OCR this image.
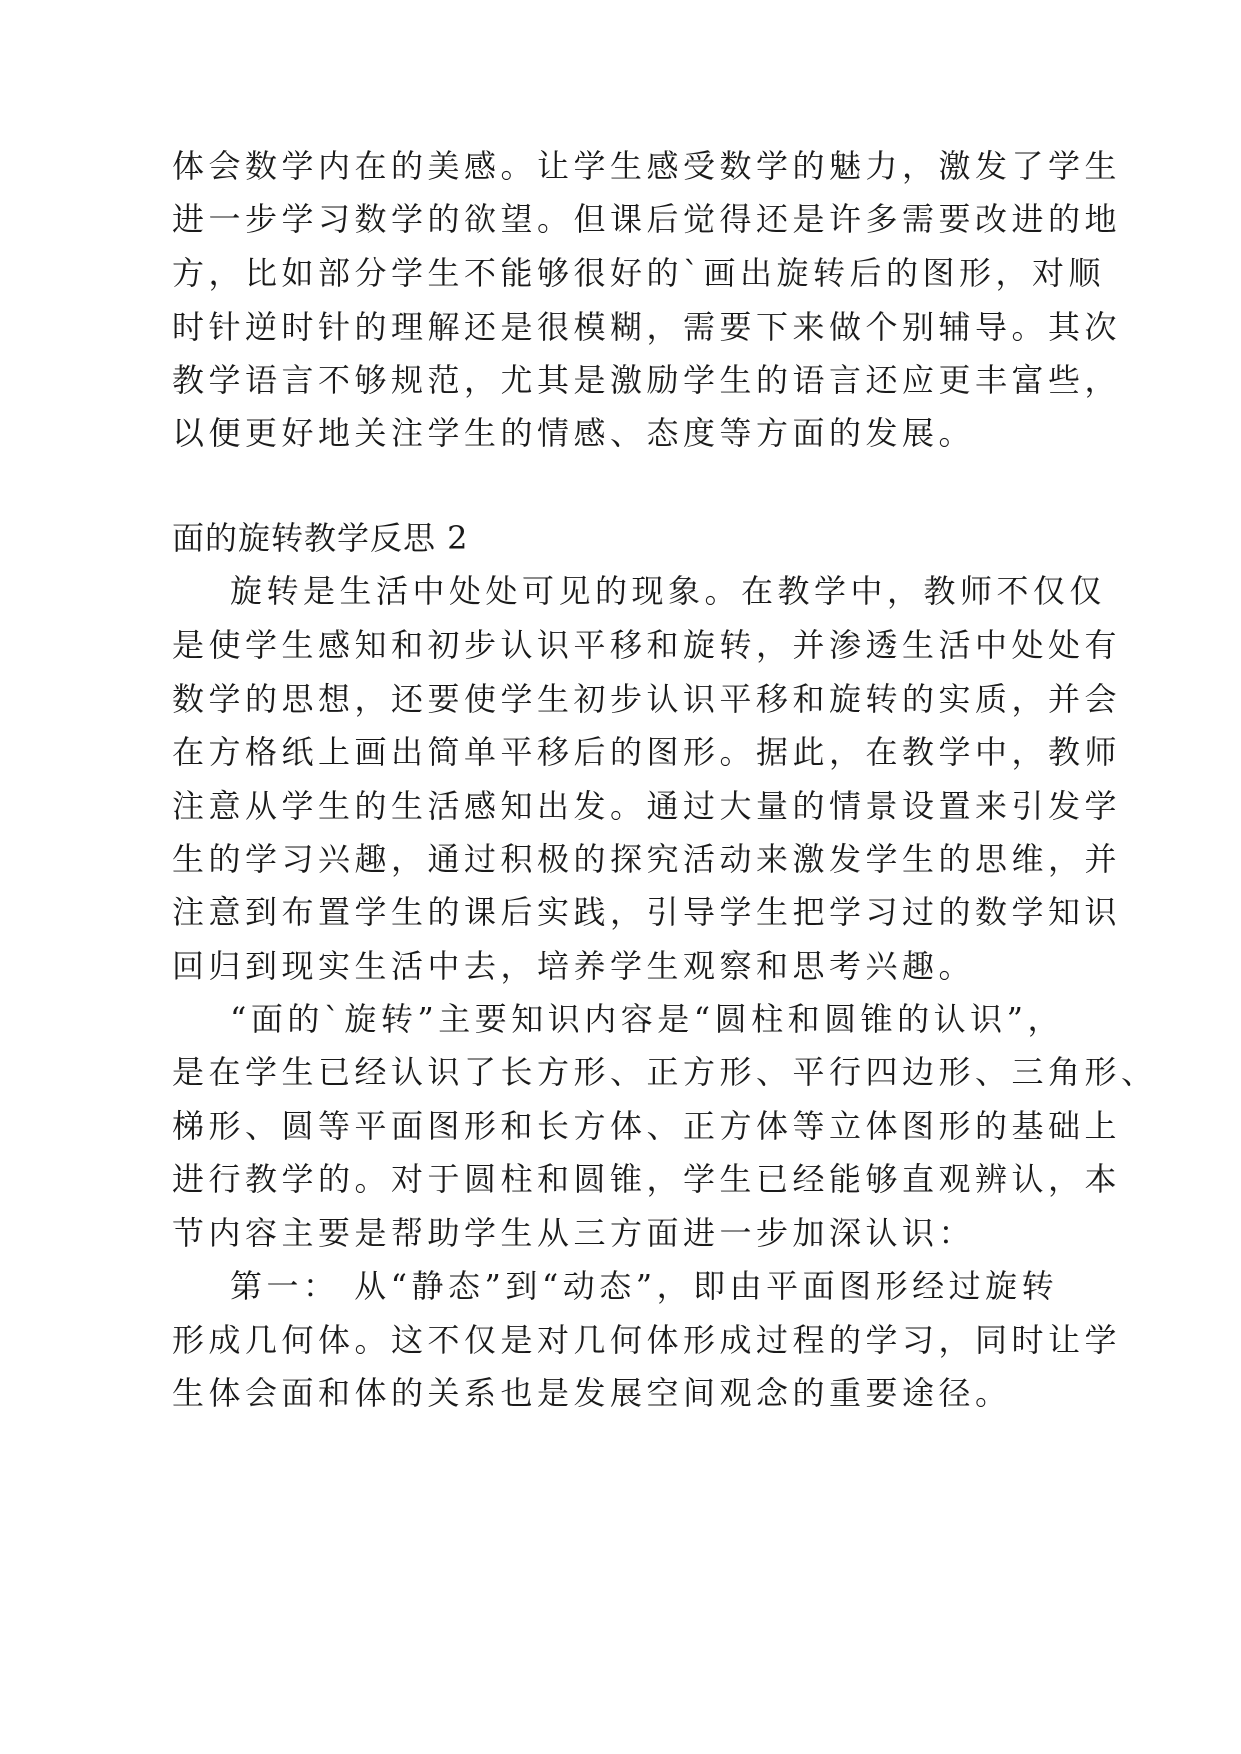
体会数学内在的美感。让学生感受数学的魅力，激发了学生
进一步学习数学的欲望。但课后觉得还是许多需要改进的地
方，比如部分学生不能够很好的`画出旋转后的图形，对顺
时针逆时针的理解还是很模糊，需要下来做个别辅导。其次
教学语言不够规范，尤其是激励学生的语言还应更丰富些，
以便更好地关注学生的情感、态度等方面的发展。
面的旋转教学反思 2
旋转是生活中处处可见的现象。在教学中，教师不仅仅
是使学生感知和初步认识平移和旋转，并渗透生活中处处有
数学的思想，还要使学生初步认识平移和旋转的实质，并会
在方格纸上画出简单平移后的图形。据此，在教学中，教师
注意从学生的生活感知出发。通过大量的情景设置来引发学
生的学习兴趣，通过积极的探究活动来激发学生的思维，并
注意到布置学生的课后实践，引导学生把学习过的数学知识
回归到现实生活中去，培养学生观察和思考兴趣。
“面的`旋转”主要知识内容是“圆柱和圆锥的认识”，
是在学生已经认识了长方形、正方形、平行四边形、三角形、
梯形、圆等平面图形和长方体、正方体等立体图形的基础上
进行教学的。对于圆柱和圆锥，学生已经能够直观辨认，本
节内容主要是帮助学生从三方面进一步加深认识：
第一： 从“静态”到“动态”，即由平面图形经过旋转
形成几何体。这不仅是对几何体形成过程的学习，同时让学
生体会面和体的关系也是发展空间观念的重要途径。
